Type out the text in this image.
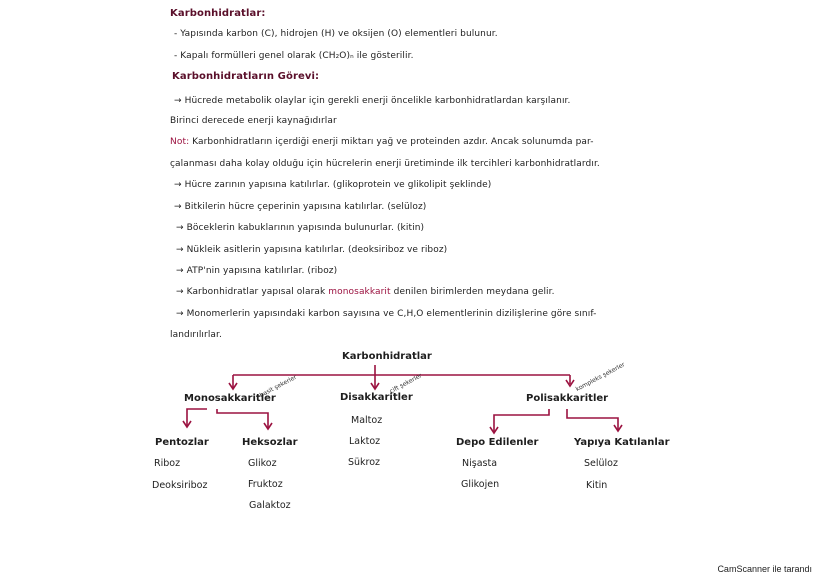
Karbonhidratlar:
- Yapısında karbon (C), hidrojen (H) ve oksijen (O) elementleri bulunur.
- Kapalı formülleri genel olarak (CH₂O)ₙ ile gösterilir.
Karbonhidratların Görevi:
→ Hücrede metabolik olaylar için gerekli enerji öncelikle karbonhidratlardan karşılanır.
Birinci derecede enerji kaynağıdırlar
Not: Karbonhidratların içerdiği enerji miktarı yağ ve proteinden azdır. Ancak solunumda par-
çalanması daha kolay olduğu için hücrelerin enerji üretiminde ilk tercihleri karbonhidratlardır.
→ Hücre zarının yapısına katılırlar. (glikoprotein ve glikolipit şeklinde)
→ Bitkilerin hücre çeperinin yapısına katılırlar. (selüloz)
→ Böceklerin kabuklarının yapısında bulunurlar. (kitin)
→ Nükleik asitlerin yapısına katılırlar. (deoksiriboz ve riboz)
→ ATP'nin yapısına katılırlar. (riboz)
→ Karbonhidratlar yapısal olarak monosakkarit denilen birimlerden meydana gelir.
→ Monomerlerin yapısındaki karbon sayısına ve C,H,O elementlerinin dizilişlerine göre sınıf-
landırılırlar.
Karbonhidratlar
basit şekerler	çift şekerler	kompleks şekerler
Monosakkaritler	Disakkaritler	Polisakkaritler
Pentozlar
Riboz
Deoksiriboz
Heksozlar
Glikoz
Fruktoz
Galaktoz
Maltoz
Laktoz
Sükroz
Depo Edilenler
Nişasta
Glikojen
Yapıya Katılanlar
Selüloz
Kitin
CamScanner ile tarandı
